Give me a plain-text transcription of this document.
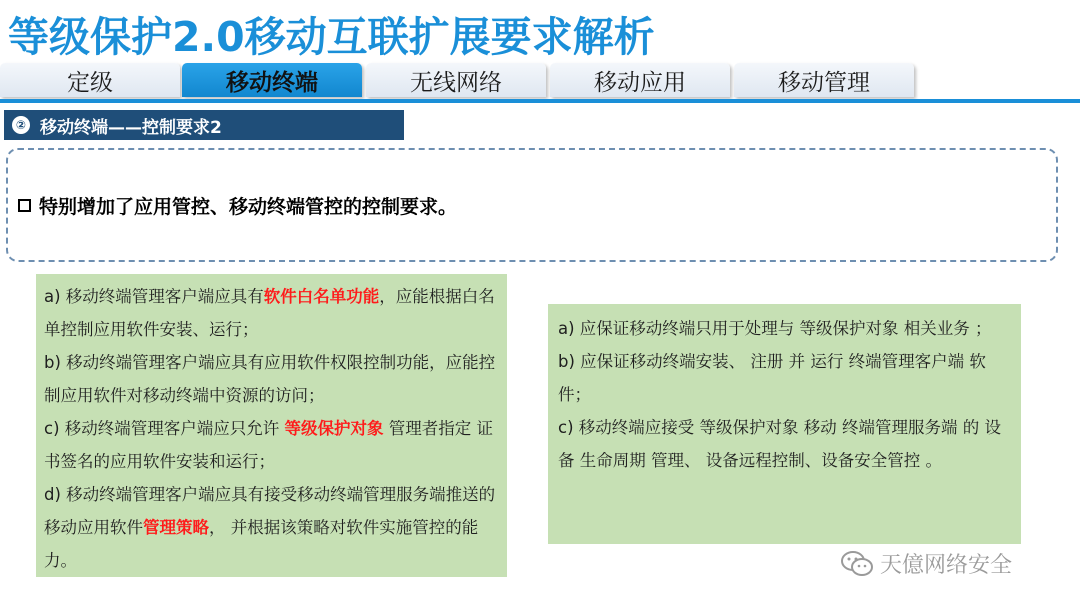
等级保护2.0移动互联扩展要求解析
定级	移动终端	无线网络	移动应用	移动管理
② 移动终端——控制要求2
特别增加了应用管控、移动终端管控的控制要求。

a) 移动终端管理客户端应具有软件白名单功能，应能根据白名单控制应用软件安装、运行；

b) 移动终端管理客户端应具有应用软件权限控制功能，应能控制应用软件对移动终端中资源的访问；

c) 移动终端管理客户端应只允许 等级保护对象 管理者指定 证书签名的应用软件安装和运行；

d) 移动终端管理客户端应具有接受移动终端管理服务端推送的移动应用软件管理策略， 并根据该策略对软件实施管控的能力。

a) 应保证移动终端只用于处理与 等级保护对象 相关业务 ；

b) 应保证移动终端安装、 注册 并 运行 终端管理客户端 软件；

c) 移动终端应接受 等级保护对象 移动 终端管理服务端 的 设备 生命周期 管理、 设备远程控制、设备安全管控 。

天億网络安全
